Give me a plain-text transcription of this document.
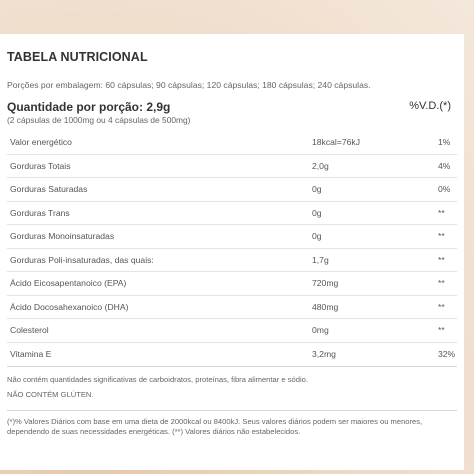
TABELA NUTRICIONAL
Porções por embalagem: 60 cápsulas; 90 cápsulas; 120 cápsulas; 180 cápsulas; 240 cápsulas.
Quantidade por porção: 2,9g	%V.D.(*)
(2 cápsulas de 1000mg ou 4 cápsulas de 500mg)
Valor energético	18kcal=76kJ	1%
Gorduras Totais	2,0g	4%
Gorduras Saturadas	0g	0%
Gorduras Trans	0g	**
Gorduras Monoinsaturadas	0g	**
Gorduras Poli-insaturadas, das quais:	1,7g	**
Ácido Eicosapentanoico (EPA)	720mg	**
Ácido Docosahexanoico (DHA)	480mg	**
Colesterol	0mg	**
Vitamina E	3,2mg	32%
Não contém quantidades significativas de carboidratos, proteínas, fibra alimentar e sódio.
NÃO CONTÉM GLÚTEN.
(*)% Valores Diários com base em uma dieta de 2000kcal ou 8400kJ. Seus valores diários podem ser maiores ou menores, dependendo de suas necessidades energéticas. (**) Valores diários não estabelecidos.
